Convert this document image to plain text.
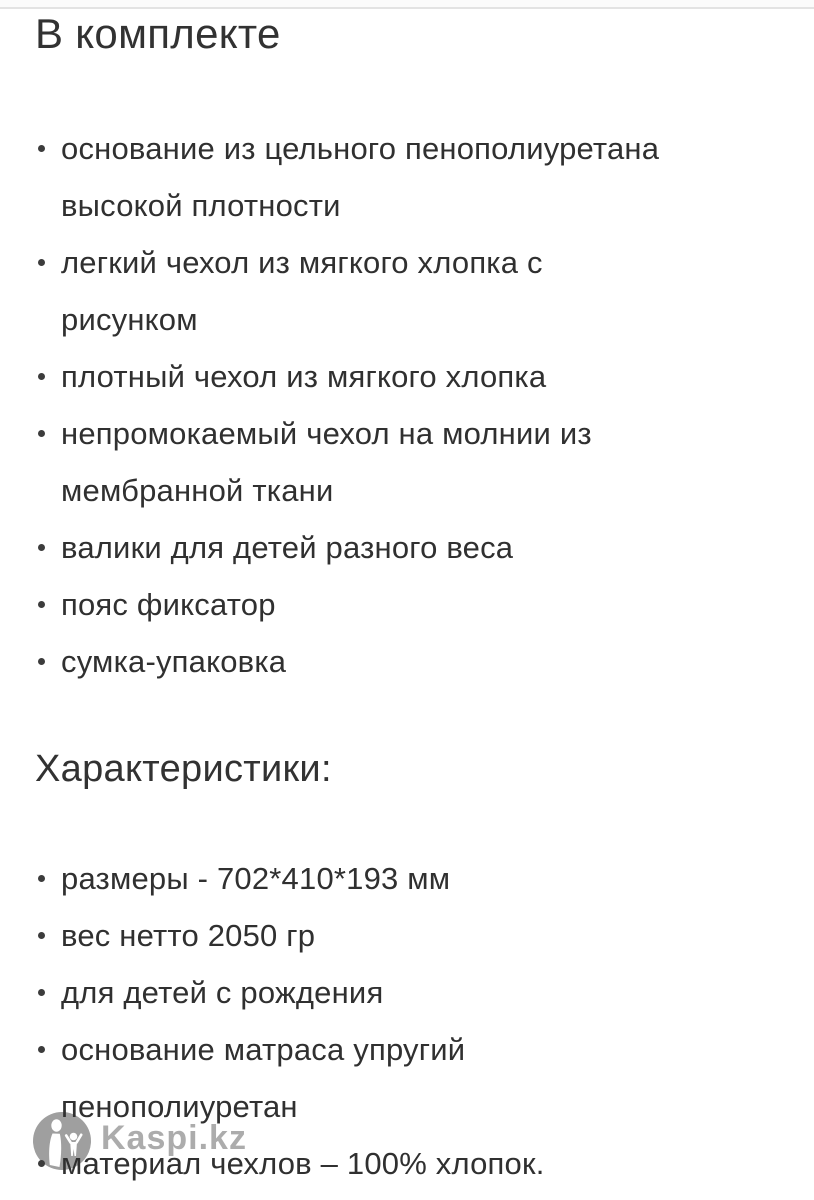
Kaspi.kz
В комплекте
основание из цельного пенополиуретана
высокой плотности
легкий чехол из мягкого хлопка с
рисунком
плотный чехол из мягкого хлопка
непромокаемый чехол на молнии из
мембранной ткани
валики для детей разного веса
пояс фиксатор
сумка-упаковка
Характеристики:
размеры - 702*410*193 мм
вес нетто 2050 гр
для детей с рождения
основание матраса упругий
пенополиуретан
материал чехлов – 100% хлопок.
